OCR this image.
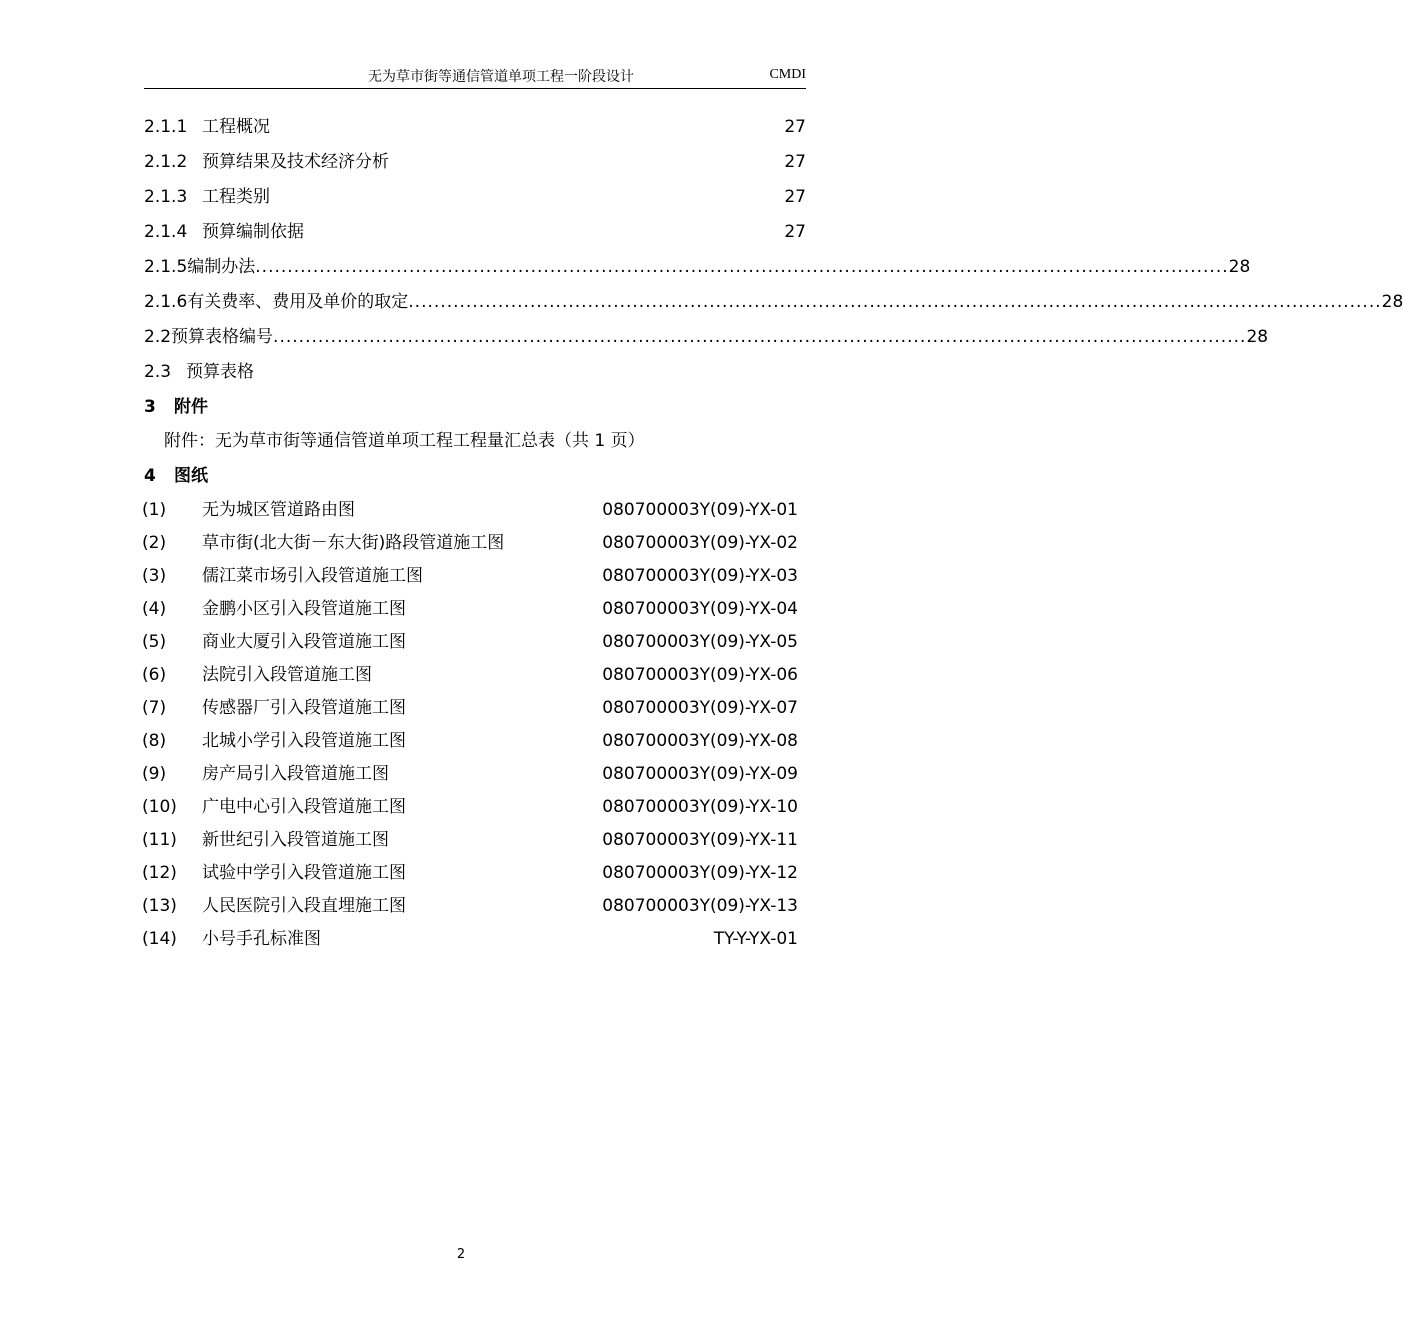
无为草市街等通信管道单项工程一阶段设计	CMDI
2.1.1 工程概况	27
2.1.2 预算结果及技术经济分析	27
2.1.3 工程类别	27
2.1.4 预算编制依据	27
2.1.5 编制办法 ........................................................................................................................................................ 28
2.1.6 有关费率、费用及单价的取定 ........................................................................................................................................................ 28
2.2 预算表格编号 ........................................................................................................................................................ 28
2.3 预算表格
3 附件
附件：无为草市街等通信管道单项工程工程量汇总表（共 1 页）
4 图纸
(1) 无为城区管道路由图	080700003Y(09)-YX-01
(2) 草市街(北大街－东大街)路段管道施工图	080700003Y(09)-YX-02
(3) 儒江菜市场引入段管道施工图	080700003Y(09)-YX-03
(4) 金鹏小区引入段管道施工图	080700003Y(09)-YX-04
(5) 商业大厦引入段管道施工图	080700003Y(09)-YX-05
(6) 法院引入段管道施工图	080700003Y(09)-YX-06
(7) 传感器厂引入段管道施工图	080700003Y(09)-YX-07
(8) 北城小学引入段管道施工图	080700003Y(09)-YX-08
(9) 房产局引入段管道施工图	080700003Y(09)-YX-09
(10) 广电中心引入段管道施工图	080700003Y(09)-YX-10
(11) 新世纪引入段管道施工图	080700003Y(09)-YX-11
(12) 试验中学引入段管道施工图	080700003Y(09)-YX-12
(13) 人民医院引入段直埋施工图	080700003Y(09)-YX-13
(14) 小号手孔标准图	TY-Y-YX-01
2
